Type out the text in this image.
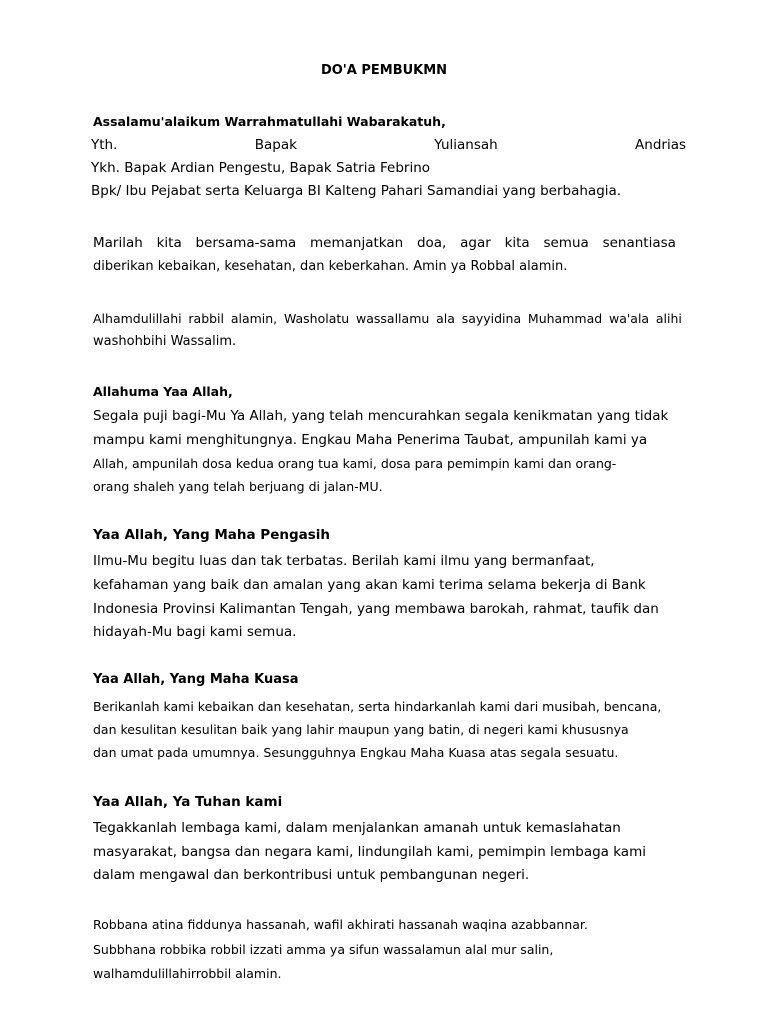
DO'A PEMBUKMN
Assalamu'alaikum Warrahmatullahi Wabarakatuh,
Yth.	Bapak	Yuliansah	Andrias
Ykh. Bapak Ardian Pengestu, Bapak Satria Febrino
Bpk/ Ibu Pejabat serta Keluarga BI Kalteng Pahari Samandiai yang berbahagia.
Marilah kita bersama-sama memanjatkan doa, agar kita semua senantiasa
diberikan kebaikan, kesehatan, dan keberkahan. Amin ya Robbal alamin.
Alhamdulillahi rabbil alamin, Washolatu wassallamu ala sayyidina Muhammad wa'ala alihi
washohbihi Wassalim.
Allahuma Yaa Allah,
Segala puji bagi-Mu Ya Allah, yang telah mencurahkan segala kenikmatan yang tidak
mampu kami menghitungnya. Engkau Maha Penerima Taubat, ampunilah kami ya
Allah, ampunilah dosa kedua orang tua kami, dosa para pemimpin kami dan orang-
orang shaleh yang telah berjuang di jalan-MU.
Yaa Allah, Yang Maha Pengasih
Ilmu-Mu begitu luas dan tak terbatas. Berilah kami ilmu yang bermanfaat,
kefahaman yang baik dan amalan yang akan kami terima selama bekerja di Bank
Indonesia Provinsi Kalimantan Tengah, yang membawa barokah, rahmat, taufik dan
hidayah-Mu bagi kami semua.
Yaa Allah, Yang Maha Kuasa
Berikanlah kami kebaikan dan kesehatan, serta hindarkanlah kami dari musibah, bencana,
dan kesulitan kesulitan baik yang lahir maupun yang batin, di negeri kami khususnya
dan umat pada umumnya. Sesungguhnya Engkau Maha Kuasa atas segala sesuatu.
Yaa Allah, Ya Tuhan kami
Tegakkanlah lembaga kami, dalam menjalankan amanah untuk kemaslahatan
masyarakat, bangsa dan negara kami, lindungilah kami, pemimpin lembaga kami
dalam mengawal dan berkontribusi untuk pembangunan negeri.
Robbana atina fiddunya hassanah, wafil akhirati hassanah waqina azabbannar.
Subbhana robbika robbil izzati amma ya sifun wassalamun alal mur salin,
walhamdulillahirrobbil alamin.
